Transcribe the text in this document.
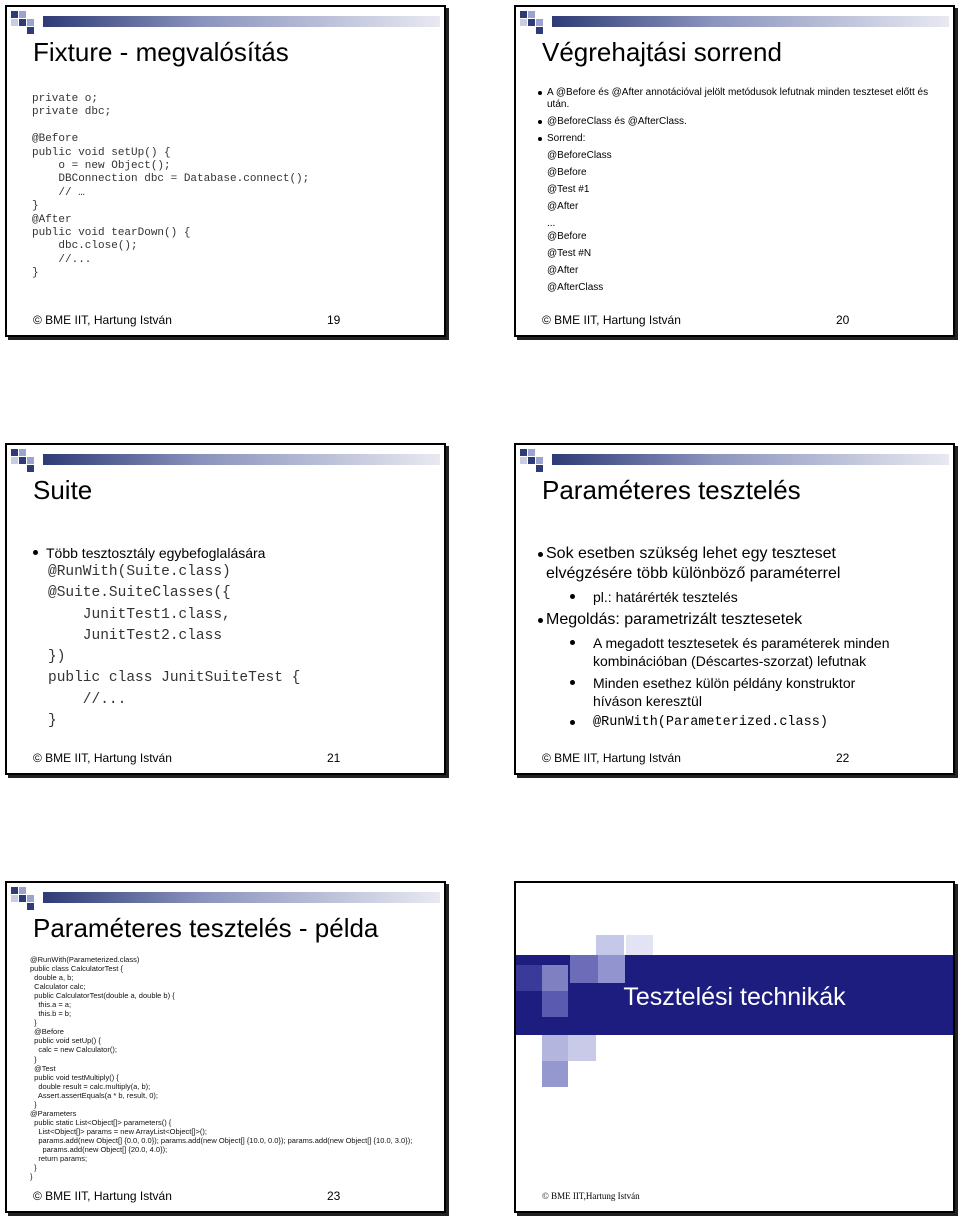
Fixture - megvalósítás
private o;
private dbc;

@Before
public void setUp() {
o = new Object();
DBConnection dbc = Database.connect();
// …
}
@After
public void tearDown() {
dbc.close();
//...
}
© BME IIT, Hartung István	19
Végrehajtási sorrend
A @Before és @After annotációval jelölt metódusok lefutnak minden teszteset előtt és után.
@BeforeClass és @AfterClass.
Sorrend:
@BeforeClass
@Before
@Test #1
@After
...
@Before
@Test #N
@After
@AfterClass
© BME IIT, Hartung István	20
Suite
Több tesztosztály egybefoglalására
@RunWith(Suite.class)
@Suite.SuiteClasses({
JunitTest1.class,
JunitTest2.class
})
public class JunitSuiteTest {
//...
}
© BME IIT, Hartung István	21
Paraméteres tesztelés
Sok esetben szükség lehet egy teszteset elvégzésére több különböző paraméterrel
pl.: határérték tesztelés
Megoldás: parametrizált tesztesetek
A megadott tesztesetek és paraméterek minden kombinációban (Déscartes-szorzat) lefutnak
Minden esethez külön példány konstruktor híváson keresztül
@RunWith(Parameterized.class)
© BME IIT, Hartung István	22
Paraméteres tesztelés - példa
@RunWith(Parameterized.class)
public class CalculatorTest {
double a, b;
Calculator calc;
public CalculatorTest(double a, double b) {
this.a = a;
this.b = b;
}
@Before
public void setUp() {
calc = new Calculator();
}
@Test
public void testMultiply() {
double result = calc.multiply(a, b);
Assert.assertEquals(a * b, result, 0);
}
@Parameters
public static List<Object[]> parameters() {
List<Object[]> params = new ArrayList<Object[]>();
params.add(new Object[] {0.0, 0.0}); params.add(new Object[] {10.0, 0.0}); params.add(new Object[] {10.0, 3.0});
params.add(new Object[] {20.0, 4.0});
return params;
}
}
© BME IIT, Hartung István	23
Tesztelési technikák
© BME IIT,Hartung István
